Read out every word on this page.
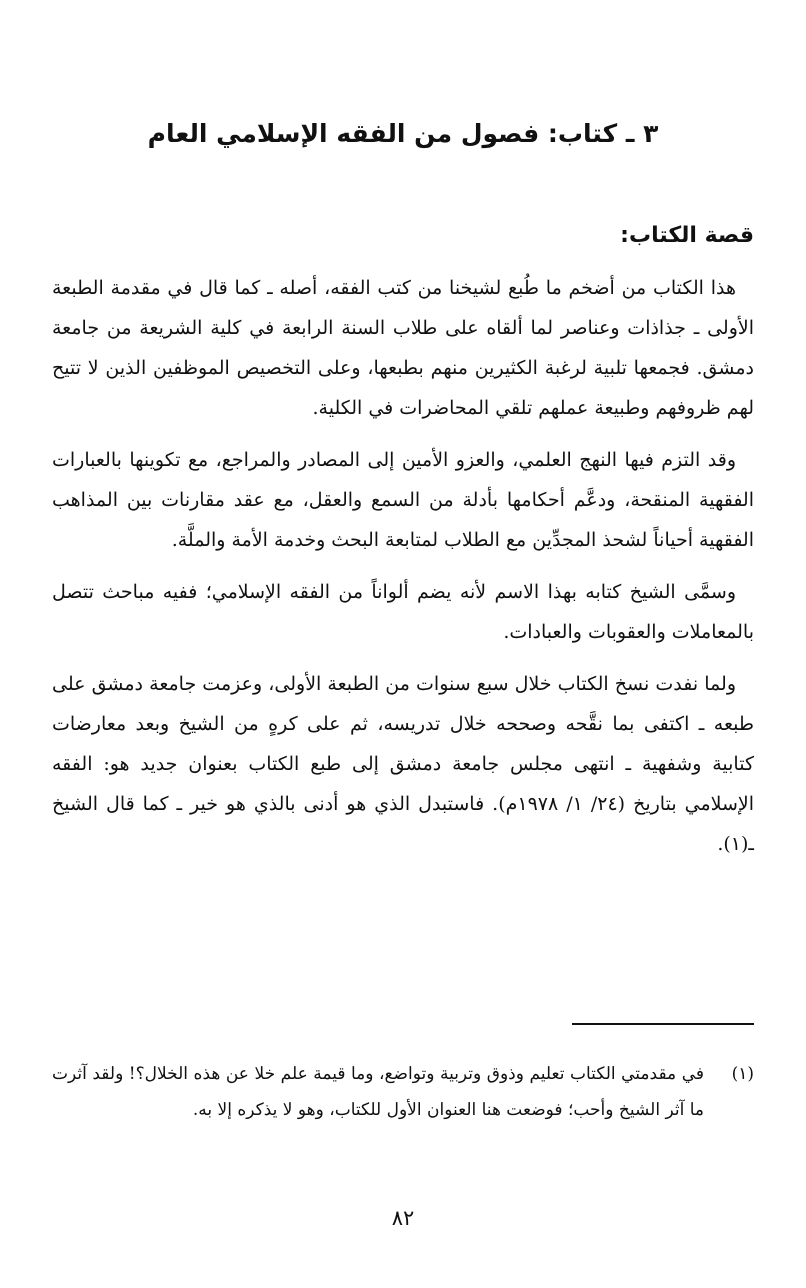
٣ ـ كتاب: فصول من الفقه الإسلامي العام
قصة الكتاب:

هذا الكتاب من أضخم ما طُبع لشيخنا من كتب الفقه، أصله ـ كما قال في مقدمة الطبعة الأولى ـ جذاذات وعناصر لما ألقاه على طلاب السنة الرابعة في كلية الشريعة من جامعة دمشق. فجمعها تلبية لرغبة الكثيرين منهم بطبعها، وعلى التخصيص الموظفين الذين لا تتيح لهم ظروفهم وطبيعة عملهم تلقي المحاضرات في الكلية.

وقد التزم فيها النهج العلمي، والعزو الأمين إلى المصادر والمراجع، مع تكوينها بالعبارات الفقهية المنقحة، ودعَّم أحكامها بأدلة من السمع والعقل، مع عقد مقارنات بين المذاهب الفقهية أحياناً لشحذ المجدِّين مع الطلاب لمتابعة البحث وخدمة الأمة والملَّة.

وسمَّى الشيخ كتابه بهذا الاسم لأنه يضم ألواناً من الفقه الإسلامي؛ ففيه مباحث تتصل بالمعاملات والعقوبات والعبادات.

ولما نفدت نسخ الكتاب خلال سبع سنوات من الطبعة الأولى، وعزمت جامعة دمشق على طبعه ـ اكتفى بما نقَّحه وصححه خلال تدريسه، ثم على كرهٍ من الشيخ وبعد معارضات كتابية وشفهية ـ انتهى مجلس جامعة دمشق إلى طبع الكتاب بعنوان جديد هو: الفقه الإسلامي بتاريخ (٢٤/ ١/ ١٩٧٨م). فاستبدل الذي هو أدنى بالذي هو خير ـ كما قال الشيخ ـ(١).

(١)

في مقدمتي الكتاب تعليم وذوق وتربية وتواضع، وما قيمة علم خلا عن هذه الخلال؟! ولقد آثرت ما آثر الشيخ وأحب؛ فوضعت هنا العنوان الأول للكتاب، وهو لا يذكره إلا به.

٨٢
